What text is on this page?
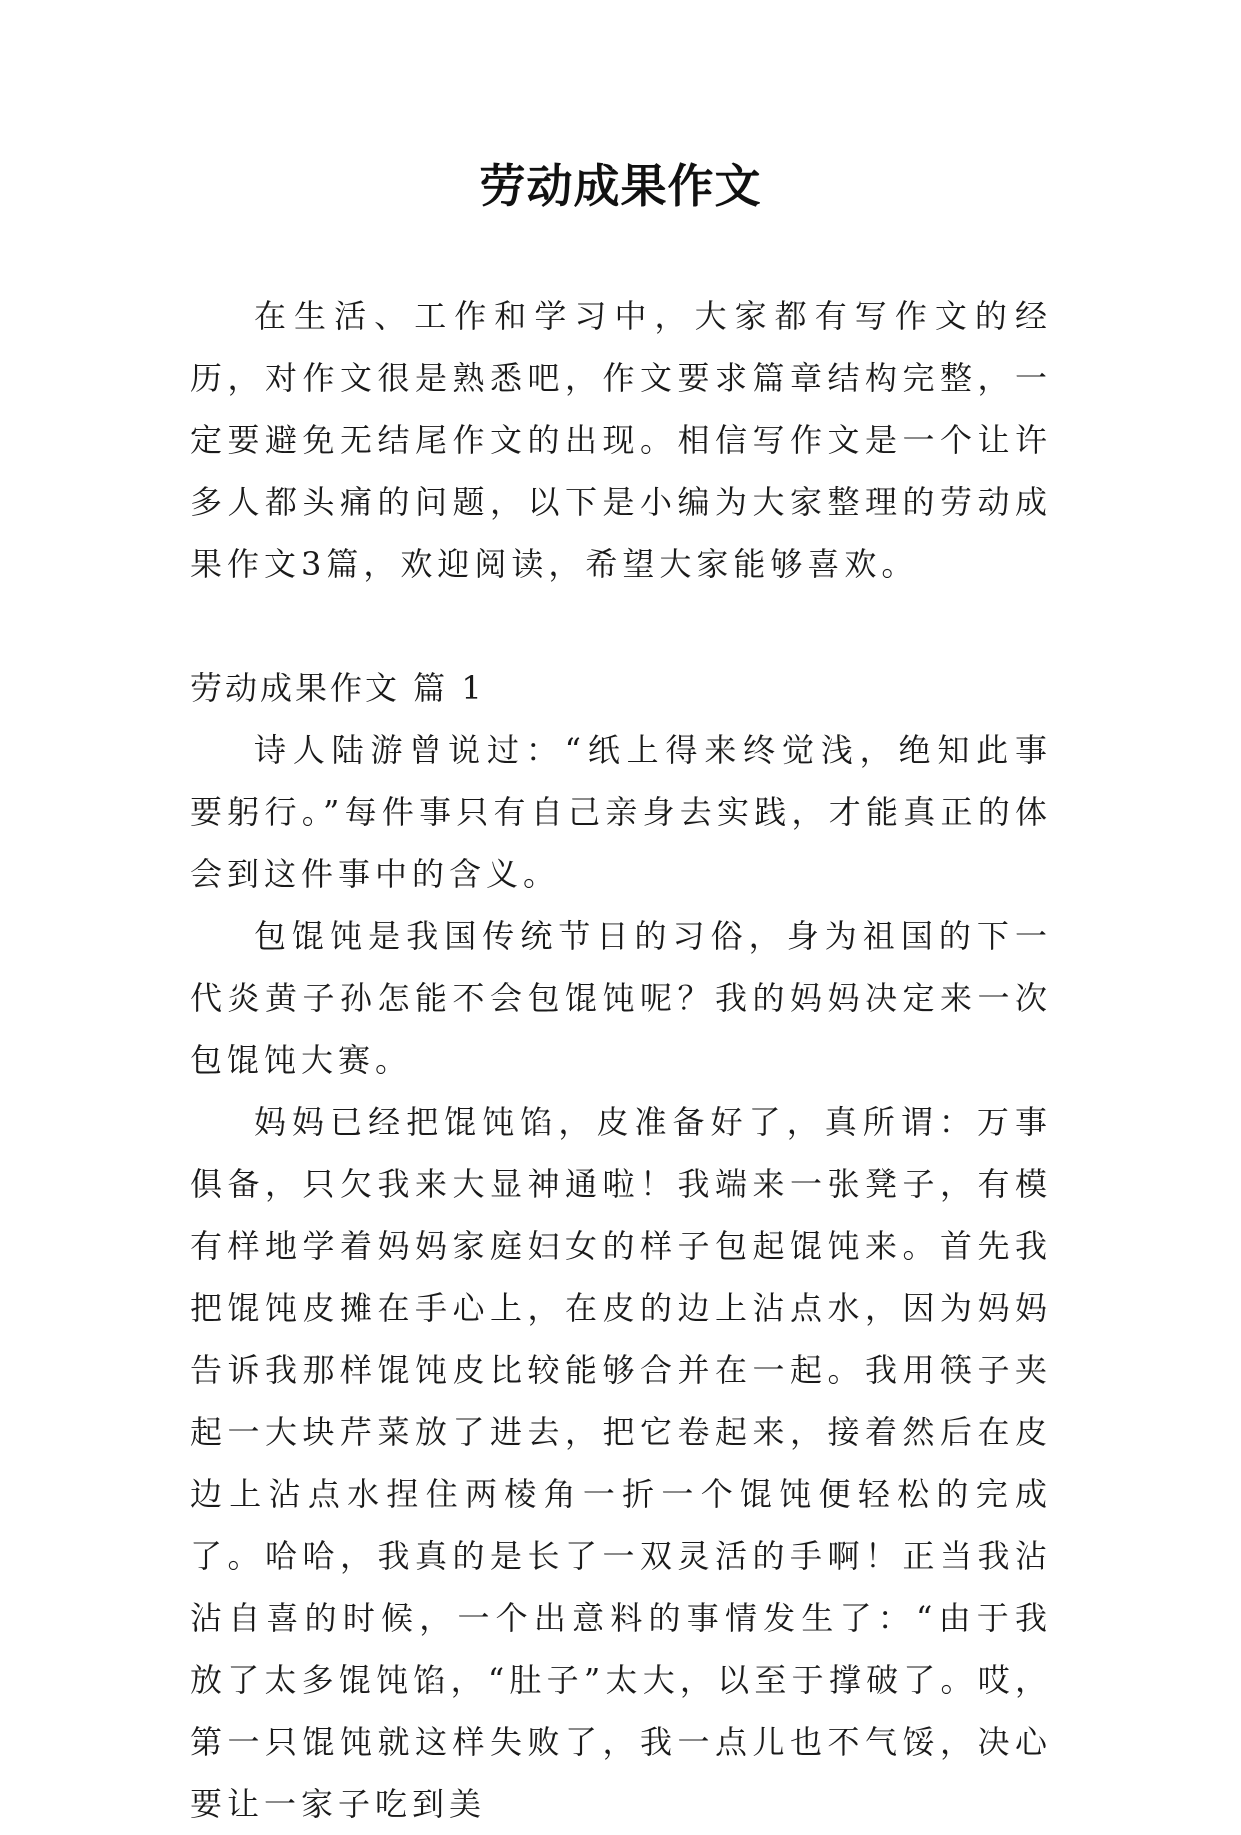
劳动成果作文

在生活、工作和学习中，大家都有写作文的经历，对作文很是熟悉吧，作文要求篇章结构完整，一定要避免无结尾作文的出现。相信写作文是一个让许多人都头痛的问题，以下是小编为大家整理的劳动成果作文3篇，欢迎阅读，希望大家能够喜欢。

劳动成果作文 篇 1

诗人陆游曾说过：“纸上得来终觉浅，绝知此事要躬行。”每件事只有自己亲身去实践，才能真正的体会到这件事中的含义。

包馄饨是我国传统节日的习俗，身为祖国的下一代炎黄子孙怎能不会包馄饨呢？我的妈妈决定来一次包馄饨大赛。

妈妈已经把馄饨馅，皮准备好了，真所谓：万事俱备，只欠我来大显神通啦！我端来一张凳子，有模有样地学着妈妈家庭妇女的样子包起馄饨来。首先我把馄饨皮摊在手心上，在皮的边上沾点水，因为妈妈告诉我那样馄饨皮比较能够合并在一起。我用筷子夹起一大块芹菜放了进去，把它卷起来，接着然后在皮边上沾点水捏住两棱角一折一个馄饨便轻松的完成了。哈哈，我真的是长了一双灵活的手啊！正当我沾沾自喜的时候，一个出意料的事情发生了：“由于我放了太多馄饨馅，“肚子”太大，以至于撑破了。哎，第一只馄饨就这样失败了，我一点儿也不气馁，决心要让一家子吃到美
